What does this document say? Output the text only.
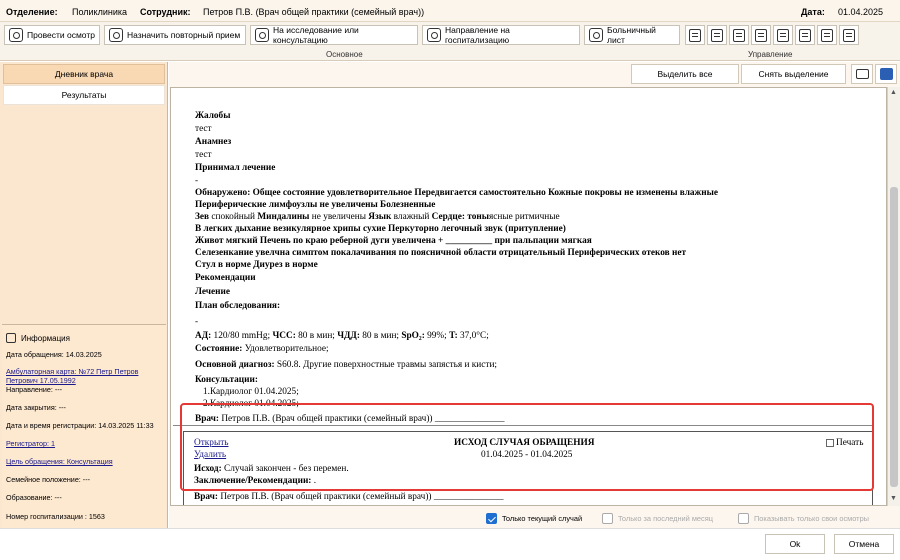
Отделение: Поликлиника Сотрудник: Петров П.В. (Врач общей практики (семейный врач))	Дата: 01.04.2025
Провести осмотр	Назначить повторный прием	На исследование или консультацию
Направление на госпитализацию
Больничный лист
Основное	Управление
Дневник врача
Результаты
Информация
Дата обращения: 14.03.2025
Амбулаторная карта: №72 Петр Петров
Петрович 17.05.1992
Направление: ---
Дата закрытия: ---
Дата и время регистрации: 14.03.2025 11:33
Регистратор: 1
Цель обращения: Консультация
Семейное положение: ---
Образование: ---
Номер госпитализации : 1563
Выделить все	Снять выделение
Жалобы
тест
Анамнез
тест
Принимал лечение
-
Обнаружено: Общее состояние удовлетворительное Передвигается самостоятельно Кожные покровы не изменены влажные
Периферические лимфоузлы не увеличены Болезненные
Зев спокойный Миндалины не увеличены Язык влажный Сердце: тоныясные ритмичные
В легких дыхание везикулярное хрипы сухие Перкуторно легочный звук (притупление)
Живот мягкий Печень по краю реберной дуги увеличена + __________ при пальпации мягкая
Селезенкание увелчна симптом покалачивания по поясничной области отрицательный Периферических отеков нет
Стул в норме Диурез в норме
Рекомендации
Лечение
План обследования:
-
АД: 120/80 mmHg; ЧСС: 80 в мин; ЧДД: 80 в мин; SpO₂: 99%; T: 37,0°C;
Состояние: Удовлетворительное;
Основной диагноз: S60.8. Другие поверхностные травмы запястья и кисти;
Консультации:
1.Кардиолог 01.04.2025;
2.Кардиолог 01.04.2025;
Врач: Петров П.В. (Врач общей практики (семейный врач)) _______________
Открыть
Удалить
ИСХОД СЛУЧАЯ ОБРАЩЕНИЯ
01.04.2025 - 01.04.2025
Печать
Исход: Случай закончен - без перемен.
Заключение/Рекомендации: .
Врач: Петров П.В. (Врач общей практики (семейный врач)) _______________
▲
▼
Только текущий случай	Только за последний месяц	Показывать только свои осмотры
Ok	Отмена
